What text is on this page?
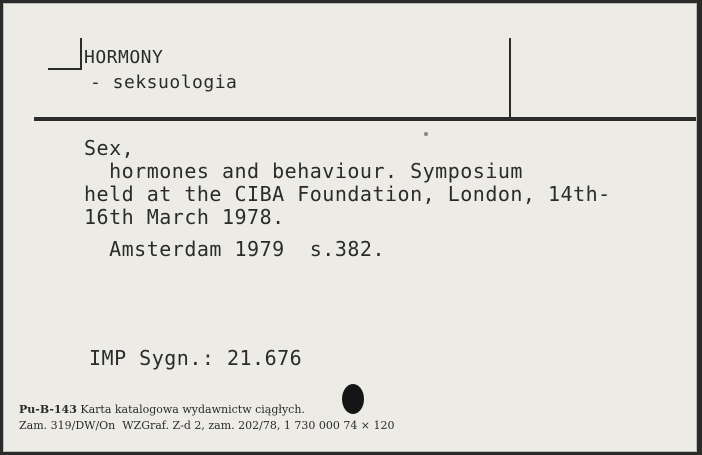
HORMONY
- seksuologia
Sex,
hormones and behaviour. Symposium
held at the CIBA Foundation, London, 14th-
16th March 1978.
Amsterdam 1979  s.382.
IMP Sygn.: 21.676
Pu-B-143 Karta katalogowa wydawnictw ciągłych.
Zam. 319/DW/On  WZGraf. Z-d 2, zam. 202/78, 1 730 000 74 × 120
